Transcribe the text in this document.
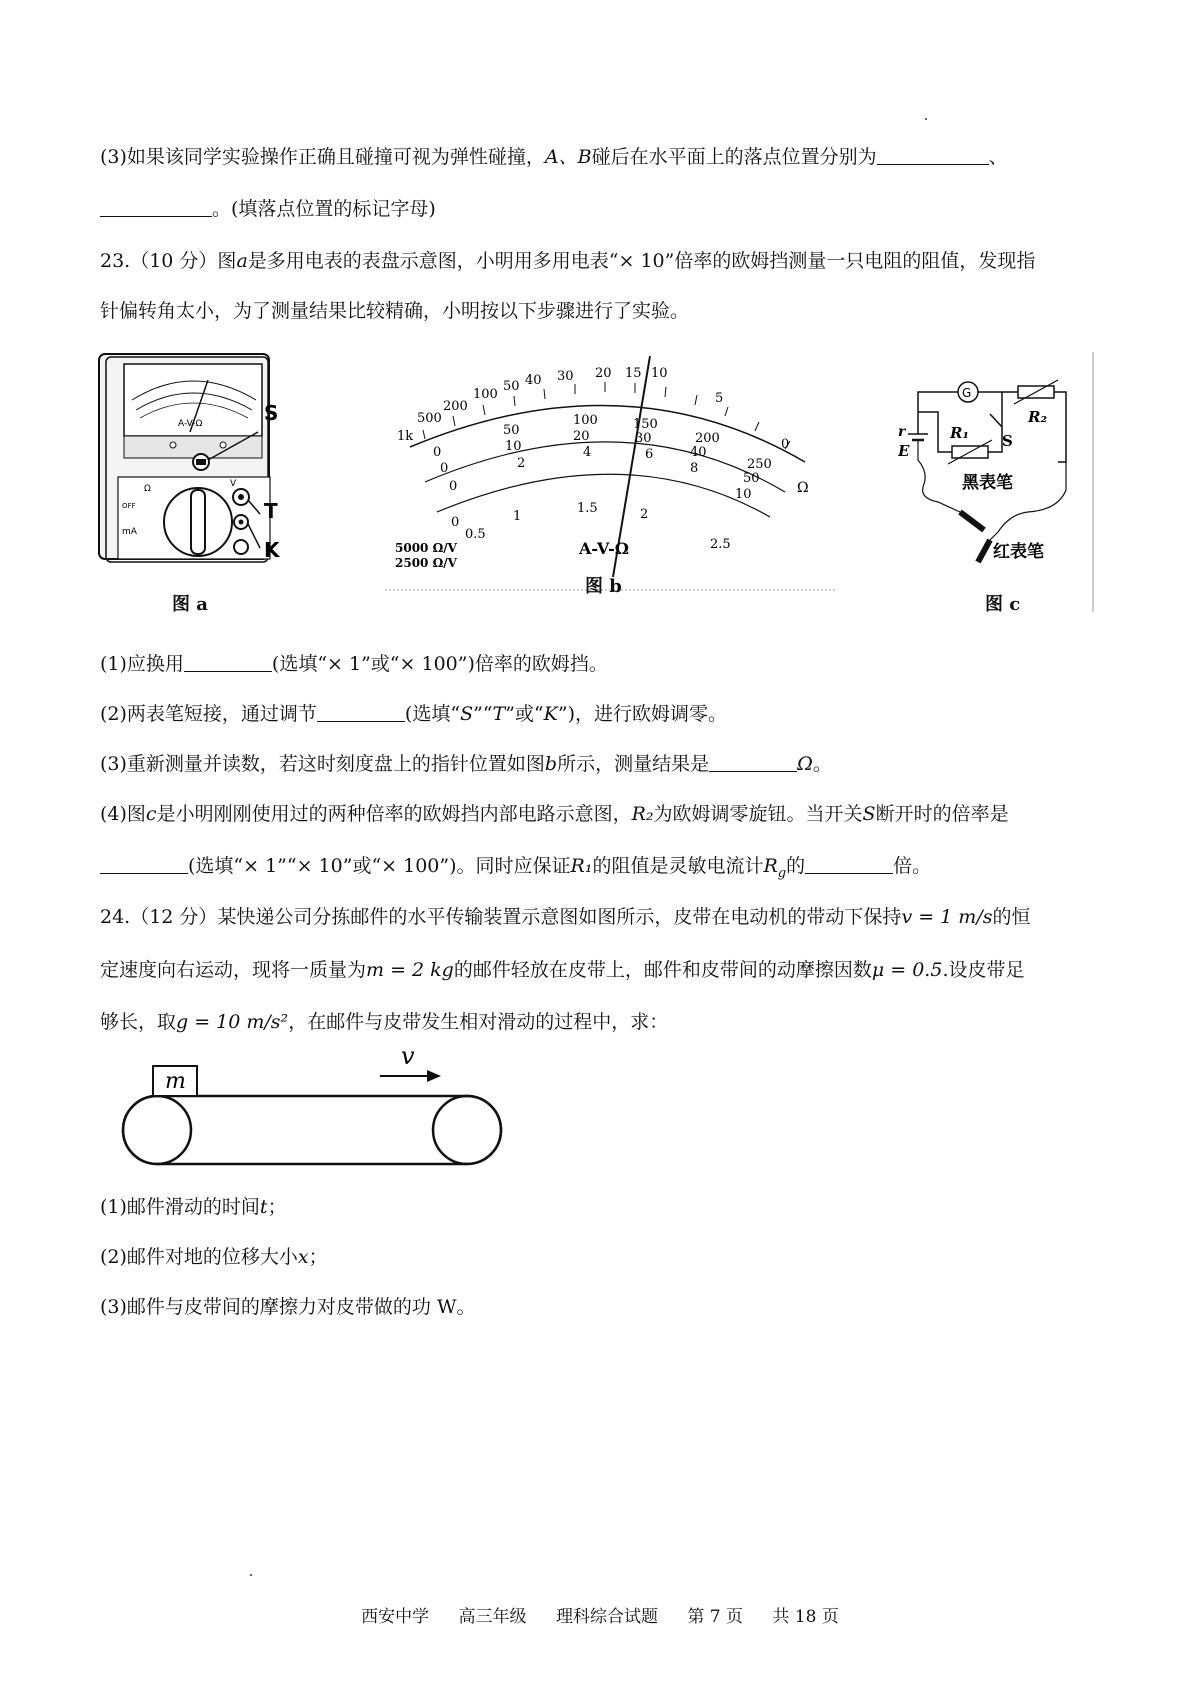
(3)如果该同学实验操作正确且碰撞可视为弹性碰撞，A、B碰后在水平面上的落点位置分别为	、
。(填落点位置的标记字母)
23.（10 分）图a是多用电表的表盘示意图，小明用多用电表“× 10”倍率的欧姆挡测量一只电阻的阻值，发现指
针偏转角太小，为了测量结果比较精确，小明按以下步骤进行了实验。
A-V-Ω
Ω	V
mA
OFF
S
T
K
图 a
1k 500 200 100 50 40 30 20 15 10 5 0
0 50 100	150 200 250
0 10 20	30 40 50
0 2 4	6 8 10
0 0.5 1 1.5	2 2.5
Ω
A-V-Ω
5000 Ω/V
2500 Ω/V
图 b
G
R₂
S
R₁
r
E
黑表笔
红表笔
图 c
(1)应换用	(选填“× 1”或“× 100”)倍率的欧姆挡。
(2)两表笔短接，通过调节	(选填“S”“T”或“K”)，进行欧姆调零。
(3)重新测量并读数，若这时刻度盘上的指针位置如图b所示，测量结果是	Ω。
(4)图c是小明刚刚使用过的两种倍率的欧姆挡内部电路示意图，R₂为欧姆调零旋钮。当开关S断开时的倍率是
(选填“× 1”“× 10”或“× 100”)。同时应保证R₁的阻值是灵敏电流计$R_g$的	倍。
24.（12 分）某快递公司分拣邮件的水平传输装置示意图如图所示，皮带在电动机的带动下保持v = 1 m/s的恒
定速度向右运动，现将一质量为m = 2 kg的邮件轻放在皮带上，邮件和皮带间的动摩擦因数μ = 0.5.设皮带足
够长，取g = 10 m/s²，在邮件与皮带发生相对滑动的过程中，求：
m
v
(1)邮件滑动的时间t；
(2)邮件对地的位移大小x；
(3)邮件与皮带间的摩擦力对皮带做的功 W。
西安中学 高三年级 理科综合试题 第 7 页 共 18 页
